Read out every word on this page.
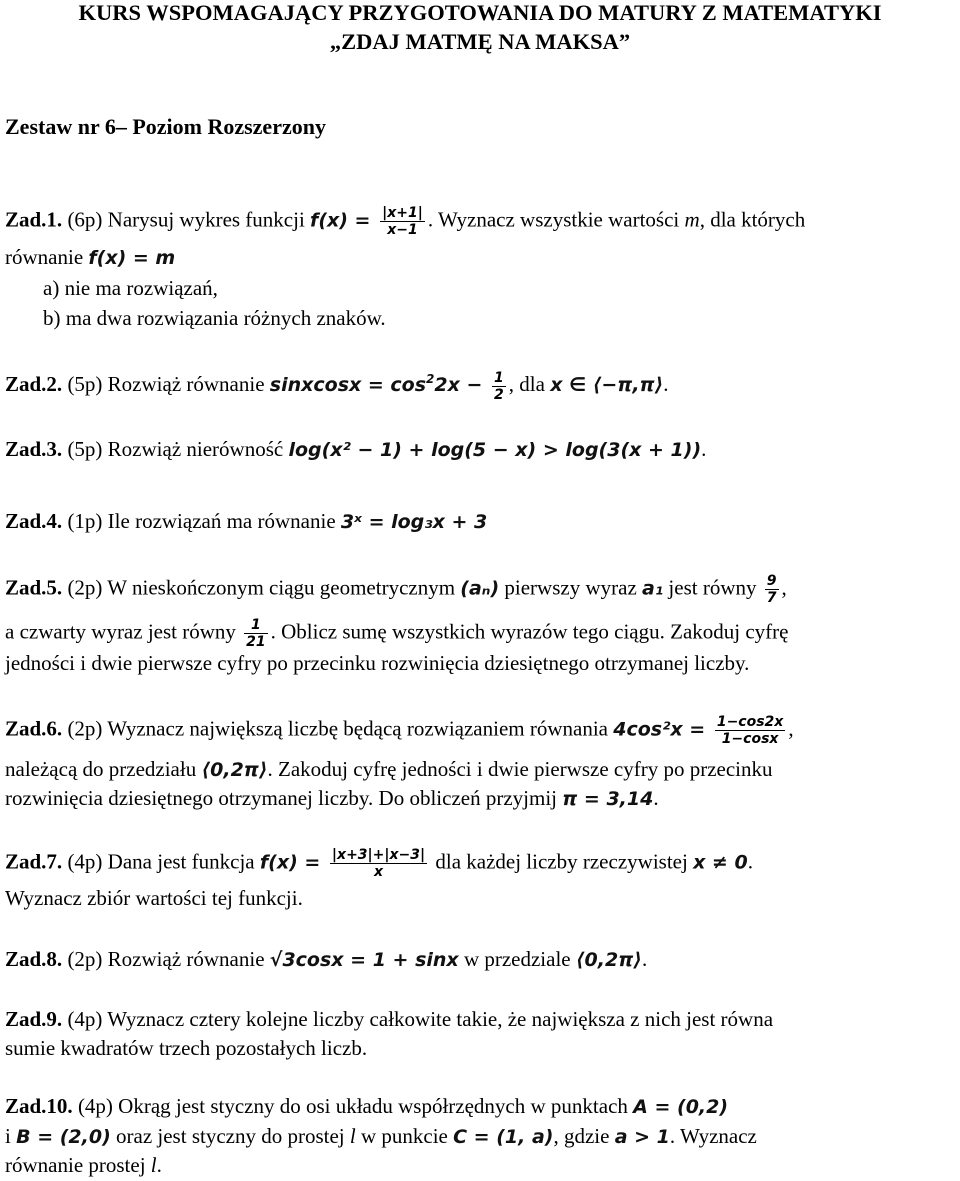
KURS WSPOMAGAJĄCY PRZYGOTOWANIA DO MATURY Z MATEMATYKI
„ZDAJ MATMĘ NA MAKSA”
Zestaw nr 6– Poziom Rozszerzony
Zad.1. (6p) Narysuj wykres funkcji $f(x) = \frac{|x+1|}{x-1}$ . Wyznacz wszystkie wartości m, dla których
równanie f(x) = m
a) nie ma rozwiązań,
b) ma dwa rozwiązania różnych znaków.
Zad.2. (5p) Rozwiąż równanie sinxcosx = $\cos^22x - \frac{1}{2}$ , dla x ∈ ⟨−π,π⟩.
Zad.3. (5p) Rozwiąż nierówność log(x² − 1) + log(5 − x) > log(3(x + 1)).
Zad.4. (1p) Ile rozwiązań ma równanie 3ˣ = log₃x + 3
Zad.5. (2p) W nieskończonym ciągu geometrycznym (aₙ) pierwszy wyraz a₁ jest równy $\frac{9}{7}$ ,
a czwarty wyraz jest równy $\frac{1}{21}$ . Oblicz sumę wszystkich wyrazów tego ciągu. Zakoduj cyfrę
jedności i dwie pierwsze cyfry po przecinku rozwinięcia dziesiętnego otrzymanej liczby.
Zad.6. (2p) Wyznacz największą liczbę będącą rozwiązaniem równania $4\cos^2x = \frac{1-\cos 2x}{1-\cos x}$ ,
należącą do przedziału ⟨0,2π⟩. Zakoduj cyfrę jedności i dwie pierwsze cyfry po przecinku
rozwinięcia dziesiętnego otrzymanej liczby. Do obliczeń przyjmij π = 3,14.
Zad.7. (4p) Dana jest funkcja $f(x) = \frac{|x+3|+|x-3|}{x}$ dla każdej liczby rzeczywistej x ≠ 0.
Wyznacz zbiór wartości tej funkcji.
Zad.8. (2p) Rozwiąż równanie √3cosx = 1 + sinx w przedziale ⟨0,2π⟩.
Zad.9. (4p) Wyznacz cztery kolejne liczby całkowite takie, że największa z nich jest równa
sumie kwadratów trzech pozostałych liczb.
Zad.10. (4p) Okrąg jest styczny do osi układu współrzędnych w punktach A = (0,2)
i B = (2,0) oraz jest styczny do prostej l w punkcie C = (1, a), gdzie a > 1. Wyznacz
równanie prostej l.
